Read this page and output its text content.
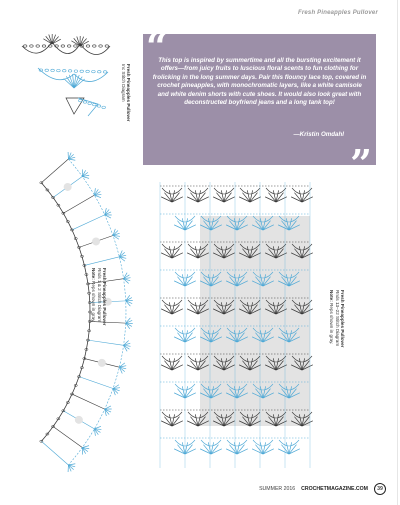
Fresh Pineapples Pullover
“
This top is inspired by summertime and all the bursting excitement it offers—from juicy fruits to luscious floral scents to fun clothing for frolicking in the long summer days. Pair this flouncy lace top, covered in crochet pineapples, with monochromatic layers, like a white camisole and white denim shorts with cute shoes. It would also look great with deconstructed boyfriend jeans and a long tank top!
—Kristin Omdahl
”
Fresh Pineapples Pullover
Inc Stitch Diagram
Fresh Pineapples Pullover
Rnds 1 & 2 Stitch Diagram
Note: Reps shown in gray.	Fresh Pineapples Pullover
Rnds 13–22 Stitch Diagram
Note: Reps shown in gray.
SUMMER 2016 CROCHETMAGAZINE.COM	39
